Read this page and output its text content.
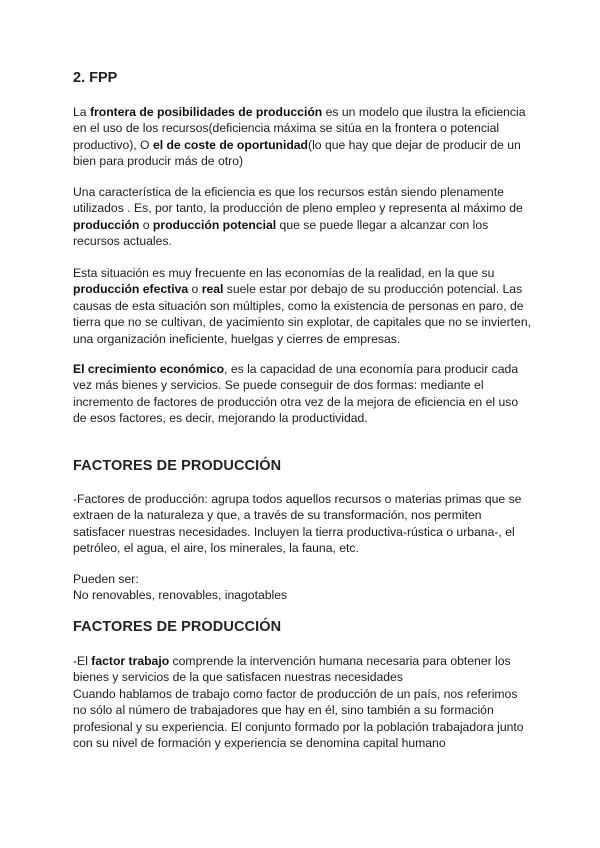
2. FPP

La frontera de posibilidades de producción es un modelo que ilustra la eficiencia en el uso de los recursos(deficiencia máxima se sitúa en la frontera o potencial productivo), O el de coste de oportunidad(lo que hay que dejar de producir de un bien para producir más de otro)

Una característica de la eficiencia es que los recursos están siendo plenamente utilizados . Es, por tanto, la producción de pleno empleo y representa al máximo de producción o producción potencial que se puede llegar a alcanzar con los recursos actuales.

Esta situación es muy frecuente en las economías de la realidad, en la que su producción efectiva o real suele estar por debajo de su producción potencial. Las causas de esta situación son múltiples, como la existencia de personas en paro, de tierra que no se cultivan, de yacimiento sin explotar, de capitales que no se invierten, una organización ineficiente, huelgas y cierres de empresas.

El crecimiento económico, es la capacidad de una economía para producir cada vez más bienes y servicios. Se puede conseguir de dos formas: mediante el incremento de factores de producción otra vez de la mejora de eficiencia en el uso de esos factores, es decir, mejorando la productividad.

FACTORES DE PRODUCCIÓN

-Factores de producción: agrupa todos aquellos recursos o materias primas que se extraen de la naturaleza y que, a través de su transformación, nos permiten satisfacer nuestras necesidades. Incluyen la tierra productiva-rústica o urbana-, el petróleo, el agua, el aire, los minerales, la fauna, etc.

Pueden ser:

No renovables, renovables, inagotables

FACTORES DE PRODUCCIÓN

-El factor trabajo comprende la intervención humana necesaria para obtener los bienes y servicios de la que satisfacen nuestras necesidades

Cuando hablamos de trabajo como factor de producción de un país, nos referimos no sólo al número de trabajadores que hay en él, sino también a su formación profesional y su experiencia. El conjunto formado por la población trabajadora junto con su nivel de formación y experiencia se denomina capital humano
